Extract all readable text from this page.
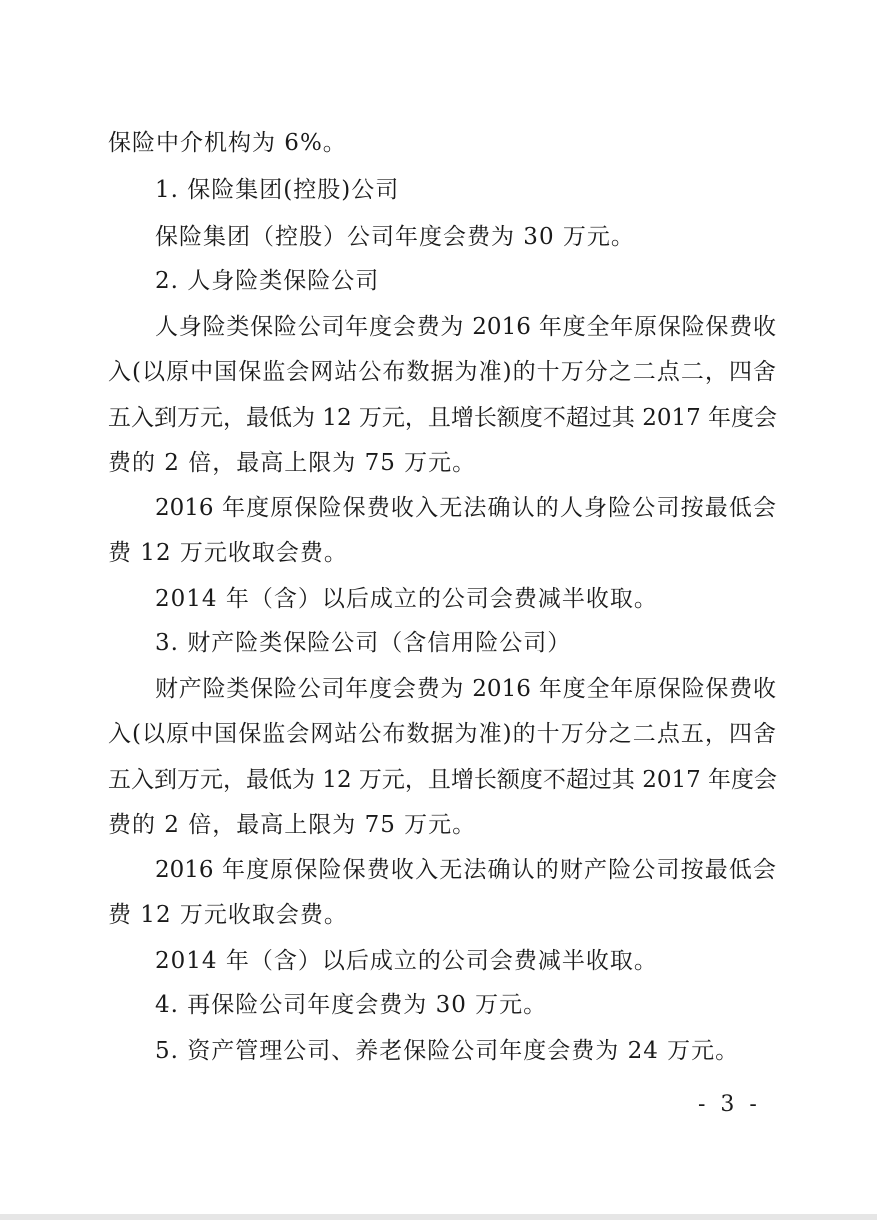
保险中介机构为 6%。
1. 保险集团(控股)公司
保险集团（控股）公司年度会费为 30 万元。
2. 人身险类保险公司
人身险类保险公司年度会费为 2016 年度全年原保险保费收
入(以原中国保监会网站公布数据为准)的十万分之二点二，四舍
五入到万元，最低为 12 万元，且增长额度不超过其 2017 年度会
费的 2 倍，最高上限为 75 万元。
2016 年度原保险保费收入无法确认的人身险公司按最低会
费 12 万元收取会费。
2014 年（含）以后成立的公司会费减半收取。
3. 财产险类保险公司（含信用险公司）
财产险类保险公司年度会费为 2016 年度全年原保险保费收
入(以原中国保监会网站公布数据为准)的十万分之二点五，四舍
五入到万元，最低为 12 万元，且增长额度不超过其 2017 年度会
费的 2 倍，最高上限为 75 万元。
2016 年度原保险保费收入无法确认的财产险公司按最低会
费 12 万元收取会费。
2014 年（含）以后成立的公司会费减半收取。
4. 再保险公司年度会费为 30 万元。
5. 资产管理公司、养老保险公司年度会费为 24 万元。
- 3 -
